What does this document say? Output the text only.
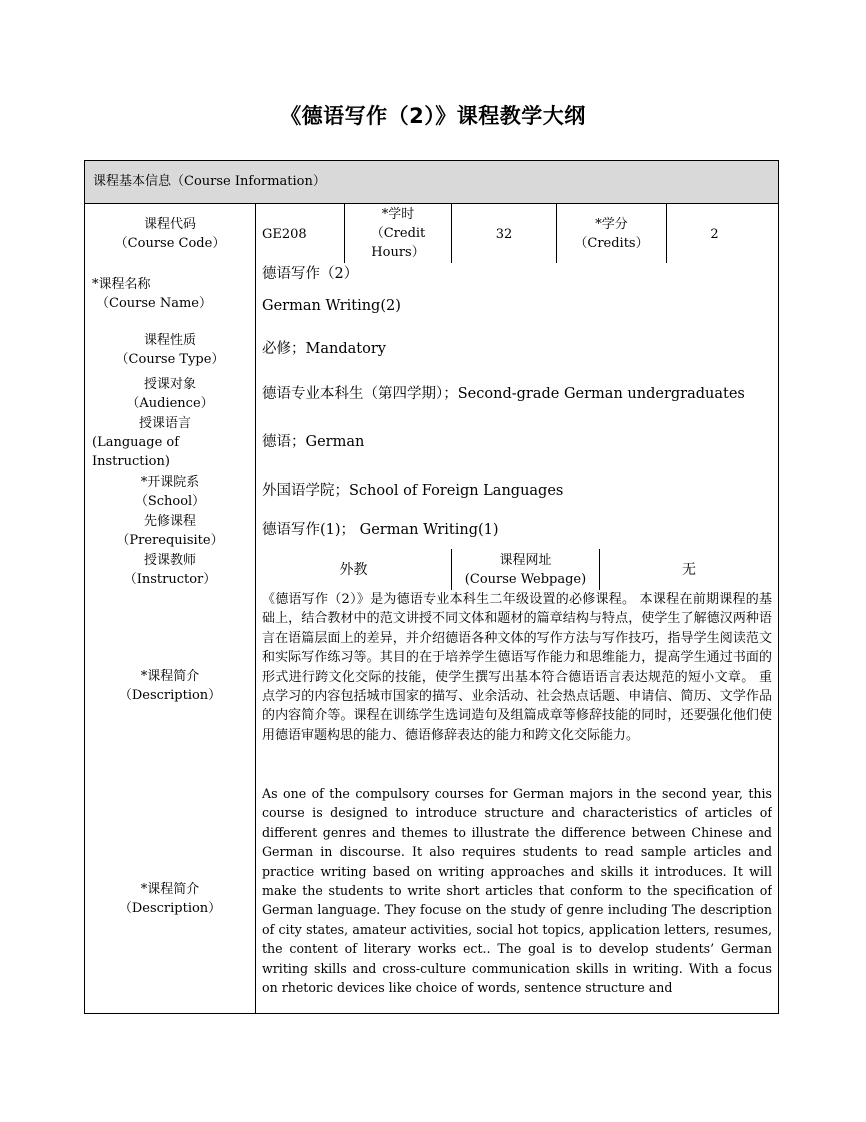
《德语写作（2）》课程教学大纲
课程基本信息（Course Information）
课程代码
（Course Code）
GE208
*学时
（Credit
Hours）
32
*学分
（Credits）
2
*课程名称
（Course Name）
德语写作（2）
German Writing(2)
课程性质
（Course Type）
必修；Mandatory
授课对象
（Audience）
德语专业本科生（第四学期）；Second-grade German undergraduates
授课语言
(Language of
Instruction)
德语；German
*开课院系
（School）
外国语学院；School of Foreign Languages
先修课程
（Prerequisite）
德语写作(1)； German Writing(1)
授课教师
（Instructor）
外教
课程网址
(Course Webpage)
无
*课程简介
（Description）
《德语写作（2）》是为德语专业本科生二年级设置的必修课程。 本课程在前期课程的基础上，结合教材中的范文讲授不同文体和题材的篇章结构与特点，使学生了解德汉两种语言在语篇层面上的差异，并介绍德语各种文体的写作方法与写作技巧，指导学生阅读范文和实际写作练习等。其目的在于培养学生德语写作能力和思维能力，提高学生通过书面的形式进行跨文化交际的技能，使学生撰写出基本符合德语语言表达规范的短小文章。 重点学习的内容包括城市国家的描写、业余活动、社会热点话题、申请信、简历、文学作品的内容简介等。课程在训练学生选词造句及组篇成章等修辞技能的同时，还要强化他们使用德语审题构思的能力、德语修辞表达的能力和跨文化交际能力。
*课程简介
（Description）
As one of the compulsory courses for German majors in the second year, this course is designed to introduce structure and characteristics of articles of different genres and themes to illustrate the difference between Chinese and German in discourse. It also requires students to read sample articles and practice writing based on writing approaches and skills it introduces. It will make the students to write short articles that conform to the specification of German language. They focuse on the study of genre including The description of city states, amateur activities, social hot topics, application letters, resumes, the content of literary works ect.. The goal is to develop students’ German writing skills and cross-culture communication skills in writing. With a focus on rhetoric devices like choice of words, sentence structure and
